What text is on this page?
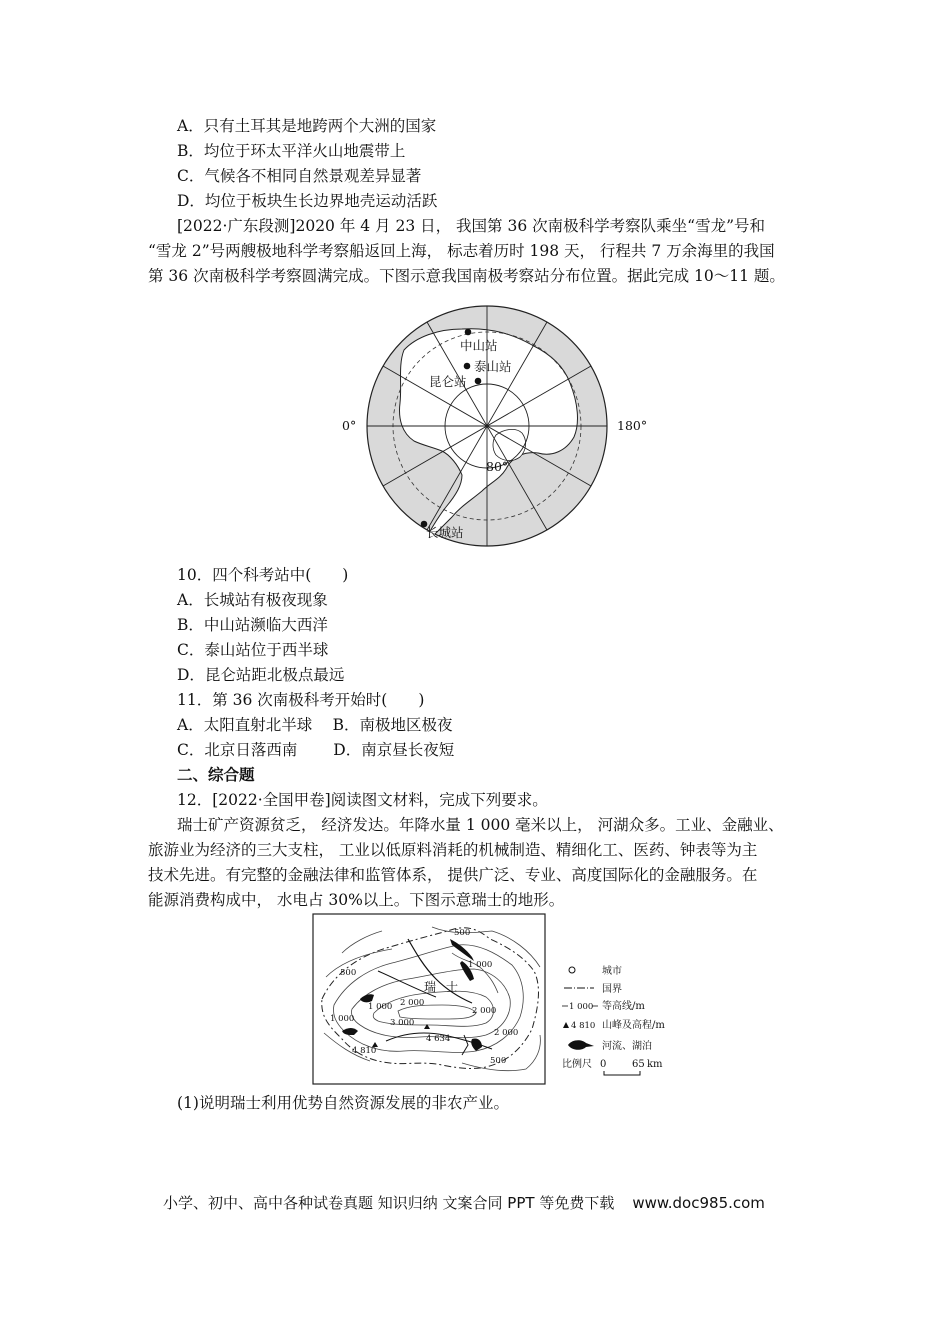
A．只有土耳其是地跨两个大洲的国家
B．均位于环太平洋火山地震带上
C．气候各不相同自然景观差异显著
D．均位于板块生长边界地壳运动活跃
[2022·广东段测]2020 年 4 月 23 日， 我国第 36 次南极科学考察队乘坐“雪龙”号和
“雪龙 2”号两艘极地科学考察船返回上海， 标志着历时 198 天， 行程共 7 万余海里的我国
第 36 次南极科学考察圆满完成。下图示意我国南极考察站分布位置。据此完成 10～11 题。
中山站
泰山站
昆仑站
长城站
0°	180°
80°
10．四个科考站中(　　)
A．长城站有极夜现象
B．中山站濒临大西洋
C．泰山站位于西半球
D．昆仑站距北极点最远
11．第 36 次南极科考开始时(　　)
A．太阳直射北半球　 B．南极地区极夜
C．北京日落西南　　 D．南京昼长夜短
二、综合题
12．[2022·全国甲卷]阅读图文材料，完成下列要求。
瑞士矿产资源贫乏， 经济发达。年降水量 1 000 毫米以上， 河湖众多。工业、金融业、
旅游业为经济的三大支柱， 工业以低原料消耗的机械制造、精细化工、医药、钟表等为主
技术先进。有完整的金融法律和监管体系， 提供广泛、专业、高度国际化的金融服务。在
能源消费构成中， 水电占 30%以上。下图示意瑞士的地形。
瑞士
500
1 000
2 000
3 000
500
1 000
2 000
2 000
500
1 000
4 634
4 810
城市
国界
1 000 等高线/m
4 810 山峰及高程/m
河流、湖泊
比例尺 0	65 km
(1)说明瑞士利用优势自然资源发展的非农产业。
小学、初中、高中各种试卷真题 知识归纳 文案合同 PPT 等免费下载 www.doc985.com
